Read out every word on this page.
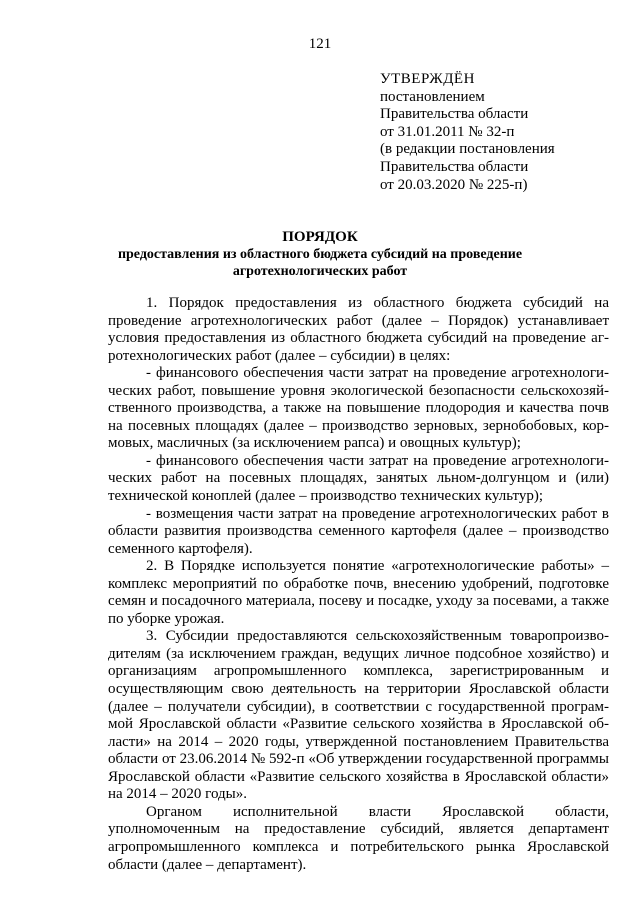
121
УТВЕРЖДЁН
постановлением
Правительства области
от 31.01.2011 № 32-п
(в редакции постановления
Правительства области
от 20.03.2020 № 225-п)
ПОРЯДОК
предоставления из областного бюджета субсидий на проведение агротехнологических работ

1. Порядок предоставления из областного бюджета субсидий на проведение агротехнологических работ (далее – Порядок) устанавливает условия предоставления из областного бюджета субсидий на проведение агротехнологических работ (далее – субсидии) в целях:

- финансового обеспечения части затрат на проведение агротехнологических работ, повышение уровня экологической безопасности сельскохозяйственного производства, а также на повышение плодородия и качества почв на посевных площадях (далее – производство зерновых, зернобобовых, кормовых, масличных (за исключением рапса) и овощных культур);

- финансового обеспечения части затрат на проведение агротехнологических работ на посевных площадях, занятых льном-долгунцом и (или) технической коноплей (далее – производство технических культур);

- возмещения части затрат на проведение агротехнологических работ в области развития производства семенного картофеля (далее – производство семенного картофеля).

2. В Порядке используется понятие «агротехнологические работы» – комплекс мероприятий по обработке почв, внесению удобрений, подготовке семян и посадочного материала, посеву и посадке, уходу за посевами, а также по уборке урожая.

3. Субсидии предоставляются сельскохозяйственным товаропроизводителям (за исключением граждан, ведущих личное подсобное хозяйство) и организациям агропромышленного комплекса, зарегистрированным и осуществляющим свою деятельность на территории Ярославской области (далее – получатели субсидии), в соответствии с государственной программой Ярославской области «Развитие сельского хозяйства в Ярославской области» на 2014 – 2020 годы, утвержденной постановлением Правительства области от 23.06.2014 № 592-п «Об утверждении государственной программы Ярославской области «Развитие сельского хозяйства в Ярославской области» на 2014 – 2020 годы».

Органом исполнительной власти Ярославской области, уполномоченным на предоставление субсидий, является департамент агропромышленного комплекса и потребительского рынка Ярославской области (далее – департамент).
